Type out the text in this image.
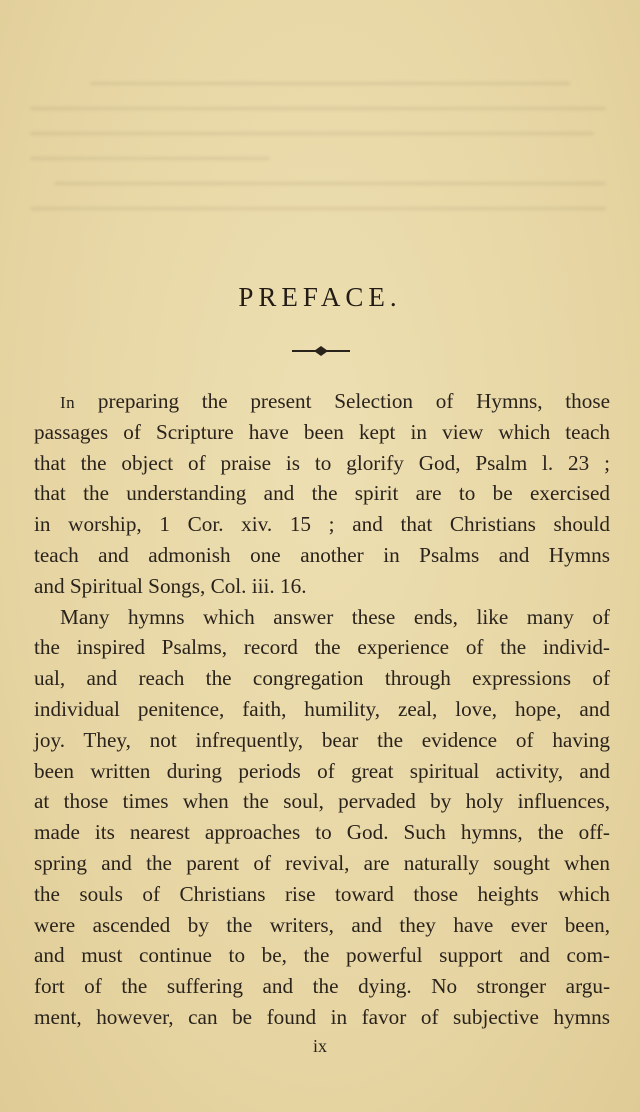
PREFACE.
In preparing the present Selection of Hymns, those
passages of Scripture have been kept in view which teach
that the object of praise is to glorify God, Psalm l. 23 ;
that the understanding and the spirit are to be exercised
in worship, 1 Cor. xiv. 15 ; and that Christians should
teach and admonish one another in Psalms and Hymns
and Spiritual Songs, Col. iii. 16.
Many hymns which answer these ends, like many of
the inspired Psalms, record the experience of the individ-
ual, and reach the congregation through expressions of
individual penitence, faith, humility, zeal, love, hope, and
joy. They, not infrequently, bear the evidence of having
been written during periods of great spiritual activity, and
at those times when the soul, pervaded by holy influences,
made its nearest approaches to God. Such hymns, the off-
spring and the parent of revival, are naturally sought when
the souls of Christians rise toward those heights which
were ascended by the writers, and they have ever been,
and must continue to be, the powerful support and com-
fort of the suffering and the dying. No stronger argu-
ment, however, can be found in favor of subjective hymns
ix
